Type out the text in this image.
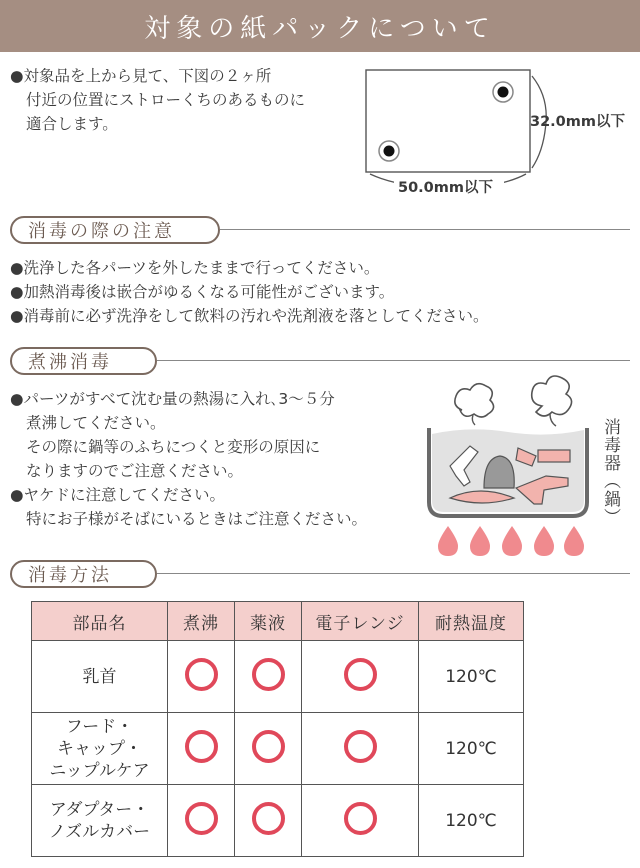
対象の紙パックについて
●対象品を上から見て、下図の２ヶ所
付近の位置にストローくちのあるものに
適合します。	32.0mm以下
50.0mm以下
消毒の際の注意
●洗浄した各パーツを外したままで行ってください。
●加熱消毒後は嵌合がゆるくなる可能性がございます。
●消毒前に必ず洗浄をして飲料の汚れや洗剤液を落としてください。
煮沸消毒
●パーツがすべて沈む量の熱湯に入れ､3～５分
煮沸してください。
その際に鍋等のふちにつくと変形の原因に
なりますのでご注意ください。
●ヤケドに注意してください。
特にお子様がそばにいるときはご注意ください。	消毒器（鍋）
消毒方法
部品名	煮沸	薬液	電子レンジ	耐熱温度

乳首				120℃

フード・
キャップ・
ニップルケア				120℃

アダプター・
ノズルカバー				120℃
